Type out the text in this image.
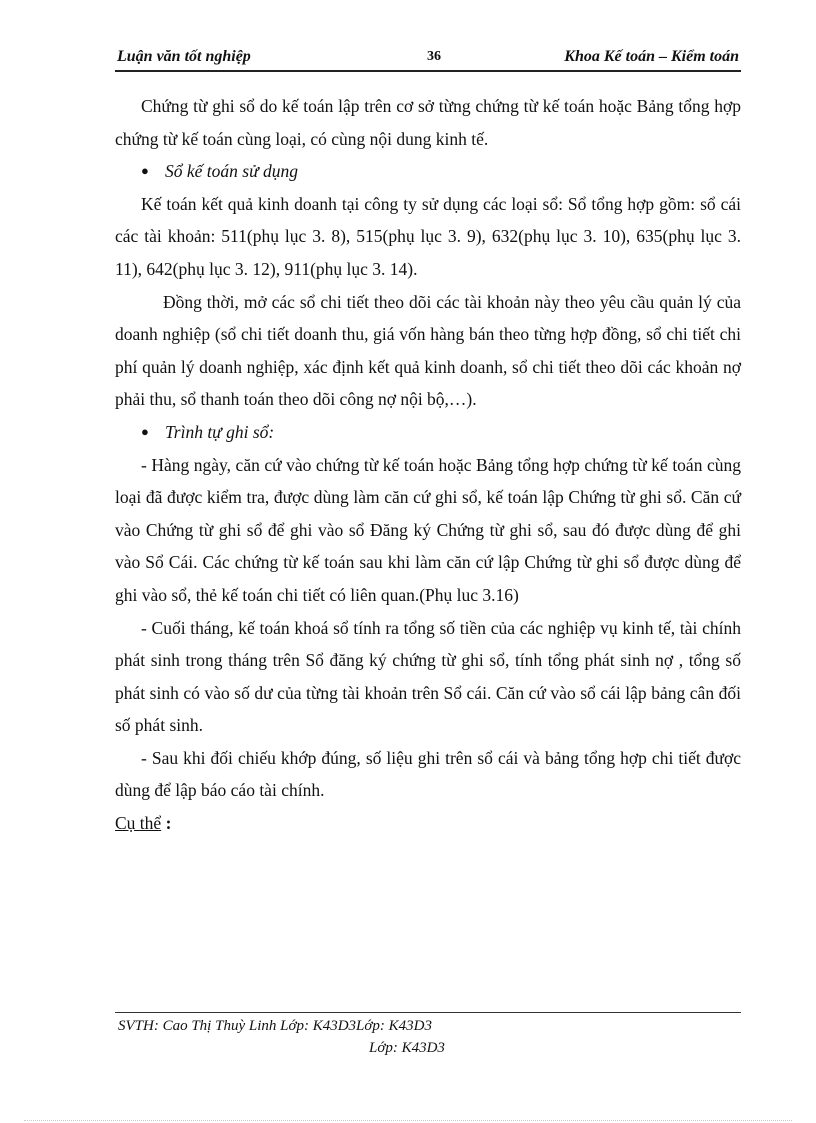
Luận văn tốt nghiệp	36	Khoa Kế toán – Kiểm toán

Chứng từ ghi sổ do kế toán lập trên cơ sở từng chứng từ kế toán hoặc Bảng tổng hợp chứng từ kế toán cùng loại, có cùng nội dung kinh tế.

● Sổ kế toán sử dụng

Kế toán kết quả kinh doanh tại công ty sử dụng các loại sổ: Sổ tổng hợp gồm: sổ cái các tài khoản: 511(phụ lục 3. 8), 515(phụ lục 3. 9), 632(phụ lục 3. 10), 635(phụ lục 3. 11), 642(phụ lục 3. 12), 911(phụ lục 3. 14).

Đồng thời, mở các sổ chi tiết theo dõi các tài khoản này theo yêu cầu quản lý của doanh nghiệp (sổ chi tiết doanh thu, giá vốn hàng bán theo từng hợp đồng, sổ chi tiết chi phí quản lý doanh nghiệp, xác định kết quả kinh doanh, sổ chi tiết theo dõi các khoản nợ phải thu, sổ thanh toán theo dõi công nợ nội bộ,…).

● Trình tự ghi sổ:

- Hàng ngày, căn cứ vào chứng từ kế toán hoặc Bảng tổng hợp chứng từ kế toán cùng loại đã được kiểm tra, được dùng làm căn cứ ghi sổ, kế toán lập Chứng từ ghi sổ. Căn cứ vào Chứng từ ghi sổ để ghi vào sổ Đăng ký Chứng từ ghi sổ, sau đó được dùng để ghi vào Sổ Cái. Các chứng từ kế toán sau khi làm căn cứ lập Chứng từ ghi sổ được dùng để ghi vào sổ, thẻ kế toán chi tiết có liên quan.(Phụ luc 3.16)

- Cuối tháng, kế toán khoá sổ tính ra tổng số tiền của các nghiệp vụ kinh tế, tài chính phát sinh trong tháng trên Sổ đăng ký chứng từ ghi sổ, tính tổng phát sinh nợ , tổng số phát sinh có vào số dư của từng tài khoản trên Sổ cái. Căn cứ vào sổ cái lập bảng cân đối số phát sinh.

- Sau khi đối chiếu khớp đúng, số liệu ghi trên sổ cái và bảng tổng hợp chi tiết được dùng để lập báo cáo tài chính.

Cụ thể :

SVTH: Cao Thị Thuỳ Linh Lớp: K43D3Lớp: K43D3

Lớp: K43D3
